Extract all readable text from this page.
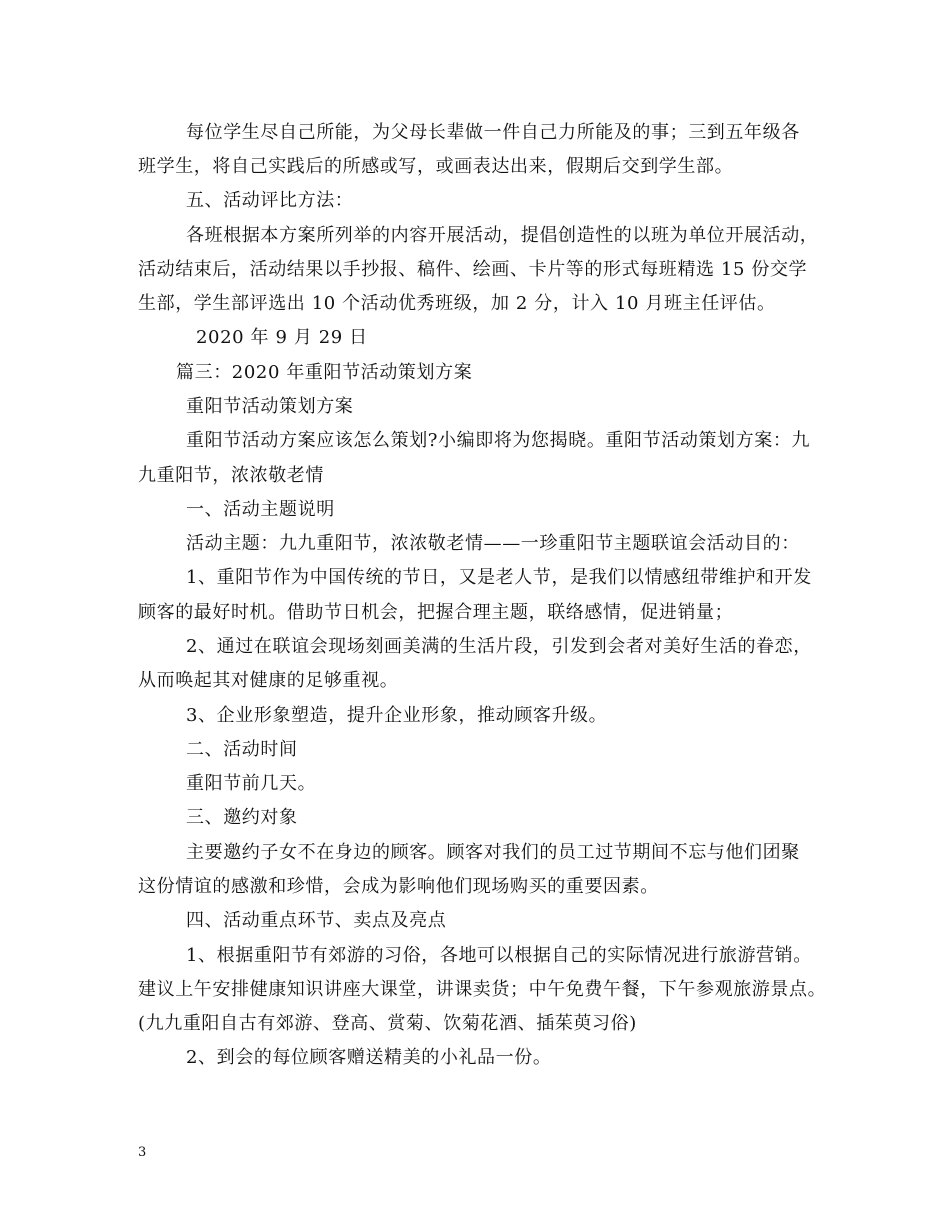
每位学生尽自己所能，为父母长辈做一件自己力所能及的事；三到五年级各
班学生，将自己实践后的所感或写，或画表达出来，假期后交到学生部。
五、活动评比方法：
各班根据本方案所列举的内容开展活动，提倡创造性的以班为单位开展活动，
活动结束后，活动结果以手抄报、稿件、绘画、卡片等的形式每班精选 15 份交学
生部，学生部评选出 10 个活动优秀班级，加 2 分，计入 10 月班主任评估。
2020 年 9 月 29 日
篇三：2020 年重阳节活动策划方案
重阳节活动策划方案
重阳节活动方案应该怎么策划?小编即将为您揭晓。重阳节活动策划方案：九
九重阳节，浓浓敬老情
一、活动主题说明
活动主题：九九重阳节，浓浓敬老情——一珍重阳节主题联谊会活动目的：
1、重阳节作为中国传统的节日，又是老人节，是我们以情感纽带维护和开发
顾客的最好时机。借助节日机会，把握合理主题，联络感情，促进销量；
2、通过在联谊会现场刻画美满的生活片段，引发到会者对美好生活的眷恋，
从而唤起其对健康的足够重视。
3、企业形象塑造，提升企业形象，推动顾客升级。
二、活动时间
重阳节前几天。
三、邀约对象
主要邀约子女不在身边的顾客。顾客对我们的员工过节期间不忘与他们团聚
这份情谊的感激和珍惜，会成为影响他们现场购买的重要因素。
四、活动重点环节、卖点及亮点
1、根据重阳节有郊游的习俗，各地可以根据自己的实际情况进行旅游营销。
建议上午安排健康知识讲座大课堂，讲课卖货；中午免费午餐，下午参观旅游景点。
(九九重阳自古有郊游、登高、赏菊、饮菊花酒、插茱萸习俗)
2、到会的每位顾客赠送精美的小礼品一份。
3
